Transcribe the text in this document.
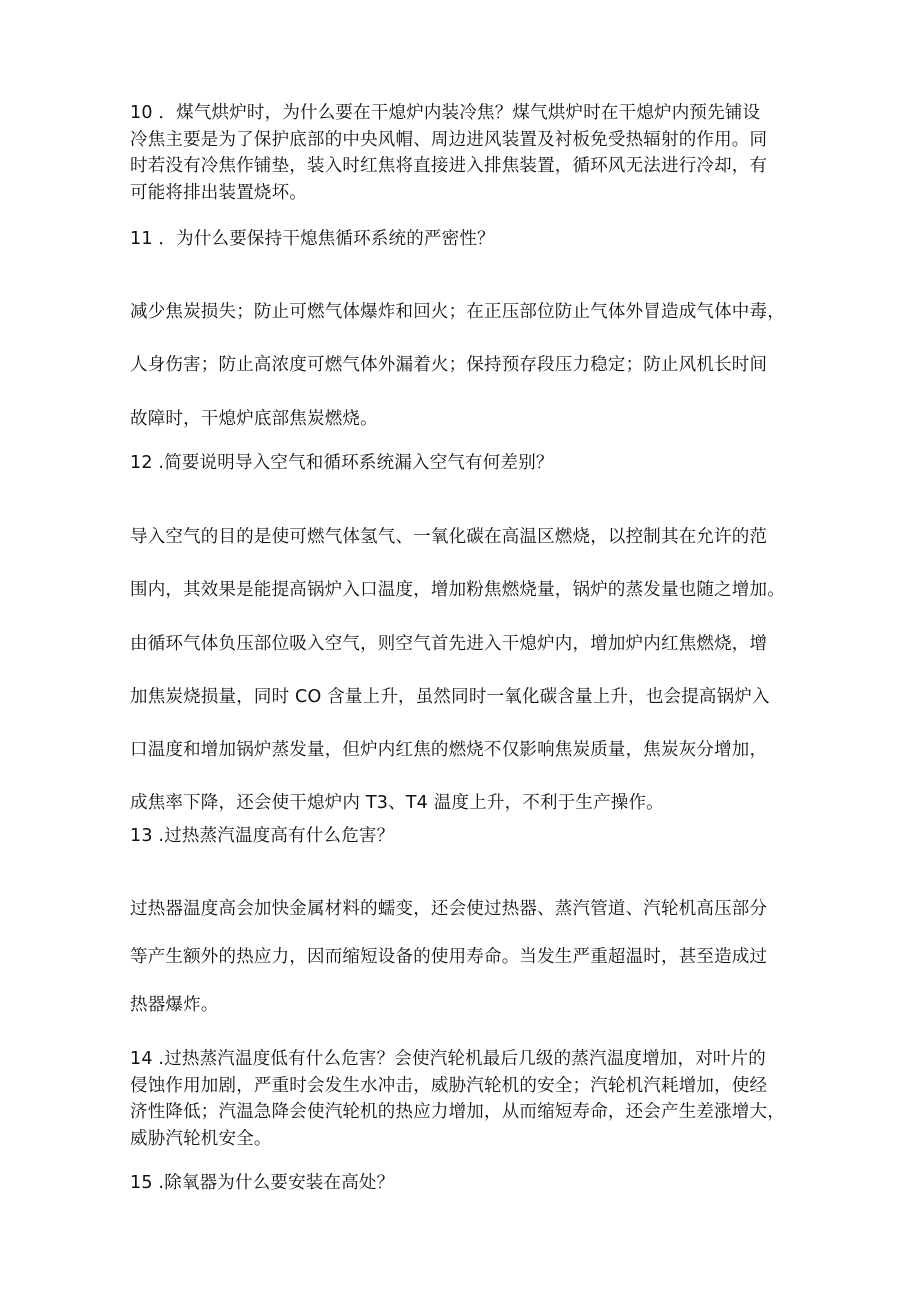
10 ．煤气烘炉时，为什么要在干熄炉内装冷焦？煤气烘炉时在干熄炉内预先铺设
冷焦主要是为了保护底部的中央风帽、周边进风装置及衬板免受热辐射的作用。同
时若没有冷焦作铺垫，装入时红焦将直接进入排焦装置，循环风无法进行冷却，有
可能将排出装置烧坏。
11 ．为什么要保持干熄焦循环系统的严密性？
减少焦炭损失；防止可燃气体爆炸和回火；在正压部位防止气体外冒造成气体中毒，
人身伤害；防止高浓度可燃气体外漏着火；保持预存段压力稳定；防止风机长时间
故障时，干熄炉底部焦炭燃烧。
12 .简要说明导入空气和循环系统漏入空气有何差别？
导入空气的目的是使可燃气体氢气、一氧化碳在高温区燃烧，以控制其在允许的范
围内，其效果是能提高锅炉入口温度，增加粉焦燃烧量，锅炉的蒸发量也随之增加。
由循环气体负压部位吸入空气，则空气首先进入干熄炉内，增加炉内红焦燃烧，增
加焦炭烧损量，同时 CO 含量上升，虽然同时一氧化碳含量上升，也会提高锅炉入
口温度和增加锅炉蒸发量，但炉内红焦的燃烧不仅影响焦炭质量，焦炭灰分增加，
成焦率下降，还会使干熄炉内 T3、T4 温度上升，不利于生产操作。
13 .过热蒸汽温度高有什么危害？
过热器温度高会加快金属材料的蠕变，还会使过热器、蒸汽管道、汽轮机高压部分
等产生额外的热应力，因而缩短设备的使用寿命。当发生严重超温时，甚至造成过
热器爆炸。
14 .过热蒸汽温度低有什么危害？会使汽轮机最后几级的蒸汽温度增加，对叶片的
侵蚀作用加剧，严重时会发生水冲击，威胁汽轮机的安全；汽轮机汽耗增加，使经
济性降低；汽温急降会使汽轮机的热应力增加，从而缩短寿命，还会产生差涨增大，
威胁汽轮机安全。
15 .除氧器为什么要安装在高处？
